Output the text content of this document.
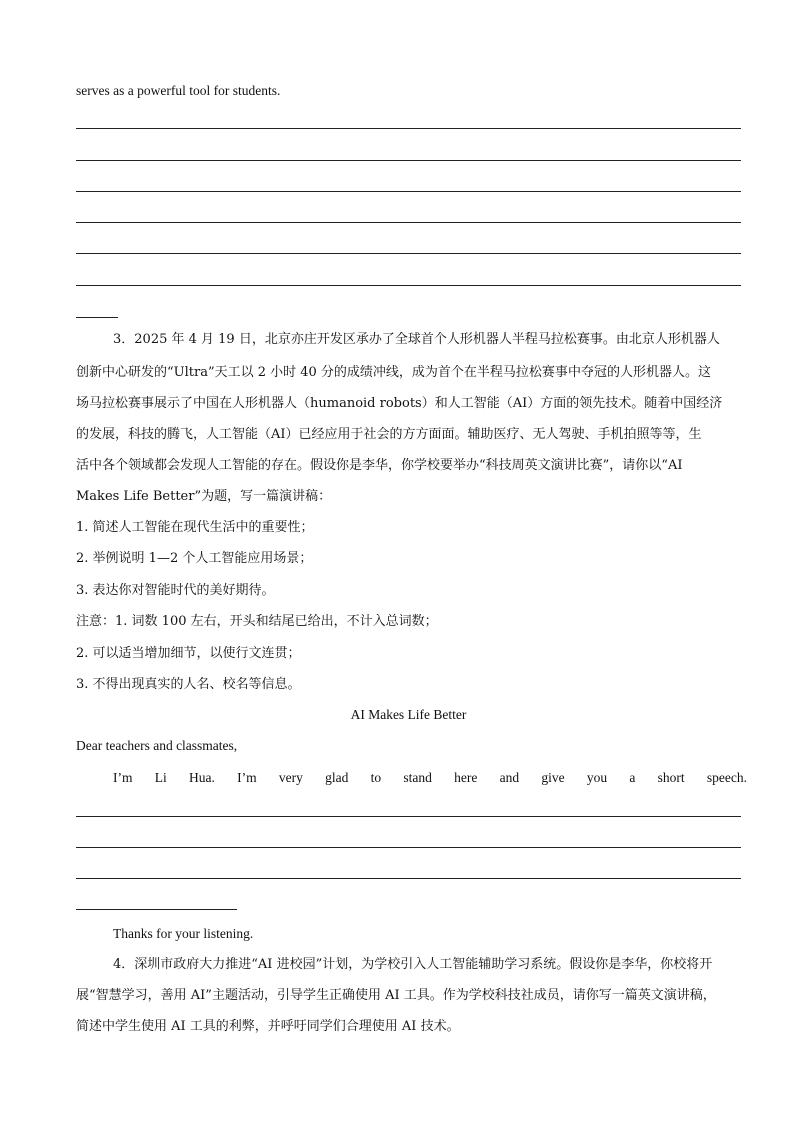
serves as a powerful tool for students.
3．2025 年 4 月 19 日，北京亦庄开发区承办了全球首个人形机器人半程马拉松赛事。由北京人形机器人
创新中心研发的“Ultra”天工以 2 小时 40 分的成绩冲线，成为首个在半程马拉松赛事中夺冠的人形机器人。这
场马拉松赛事展示了中国在人形机器人（humanoid robots）和人工智能（AI）方面的领先技术。随着中国经济
的发展，科技的腾飞，人工智能（AI）已经应用于社会的方方面面。辅助医疗、无人驾驶、手机拍照等等，生
活中各个领域都会发现人工智能的存在。假设你是李华，你学校要举办“科技周英文演讲比赛”，请你以“AI
Makes Life Better”为题，写一篇演讲稿：
1. 简述人工智能在现代生活中的重要性；
2. 举例说明 1—2 个人工智能应用场景；
3. 表达你对智能时代的美好期待。
注意：1. 词数 100 左右，开头和结尾已给出，不计入总词数；
2. 可以适当增加细节，以使行文连贯；
3. 不得出现真实的人名、校名等信息。
AI Makes Life Better
Dear teachers and classmates,
I’m Li Hua. I’m very glad to stand here and give you a short speech.
Thanks for your listening.
4．深圳市政府大力推进“AI 进校园”计划，为学校引入人工智能辅助学习系统。假设你是李华，你校将开
展“智慧学习，善用 AI”主题活动，引导学生正确使用 AI 工具。作为学校科技社成员，请你写一篇英文演讲稿，
简述中学生使用 AI 工具的利弊，并呼吁同学们合理使用 AI 技术。
